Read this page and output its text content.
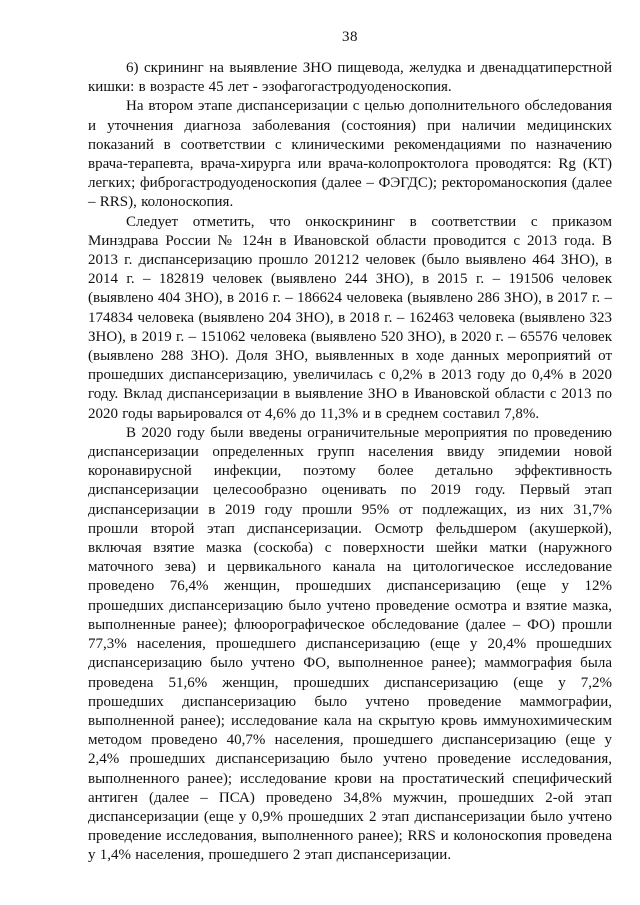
38

6) скрининг на выявление ЗНО пищевода, желудка и двенадцатиперстной кишки: в возрасте 45 лет - эзофагогастродуоденоскопия.

На втором этапе диспансеризации с целью дополнительного обследования и уточнения диагноза заболевания (состояния) при наличии медицинских показаний в соответствии с клиническими рекомендациями по назначению врача-терапевта, врача-хирурга или врача-колопроктолога проводятся: Rg (КТ) легких; фиброгастродуоденоскопия (далее – ФЭГДС); ректороманоскопия (далее – RRS), колоноскопия.

Следует отметить, что онкоскрининг в соответствии с приказом Минздрава России № 124н в Ивановской области проводится с 2013 года. В 2013 г. диспансеризацию прошло 201212 человек (было выявлено 464 ЗНО), в 2014 г. – 182819 человек (выявлено 244 ЗНО), в 2015 г. – 191506 человек (выявлено 404 ЗНО), в 2016 г. – 186624 человека (выявлено 286 ЗНО), в 2017 г. – 174834 человека (выявлено 204 ЗНО), в 2018 г. – 162463 человека (выявлено 323 ЗНО), в 2019 г. – 151062 человека (выявлено 520 ЗНО), в 2020 г. – 65576 человек (выявлено 288 ЗНО). Доля ЗНО, выявленных в ходе данных мероприятий от прошедших диспансеризацию, увеличилась с 0,2% в 2013 году до 0,4% в 2020 году. Вклад диспансеризации в выявление ЗНО в Ивановской области с 2013 по 2020 годы варьировался от 4,6% до 11,3% и в среднем составил 7,8%.

В 2020 году были введены ограничительные мероприятия по проведению диспансеризации определенных групп населения ввиду эпидемии новой коронавирусной инфекции, поэтому более детально эффективность диспансеризации целесообразно оценивать по 2019 году. Первый этап диспансеризации в 2019 году прошли 95% от подлежащих, из них 31,7% прошли второй этап диспансеризации. Осмотр фельдшером (акушеркой), включая взятие мазка (соскоба) с поверхности шейки матки (наружного маточного зева) и цервикального канала на цитологическое исследование проведено 76,4% женщин, прошедших диспансеризацию (еще у 12% прошедших диспансеризацию было учтено проведение осмотра и взятие мазка, выполненные ранее); флюорографическое обследование (далее – ФО) прошли 77,3% населения, прошедшего диспансеризацию (еще у 20,4% прошедших диспансеризацию было учтено ФО, выполненное ранее); маммография была проведена 51,6% женщин, прошедших диспансеризацию (еще у 7,2% прошедших диспансеризацию было учтено проведение маммографии, выполненной ранее); исследование кала на скрытую кровь иммунохимическим методом проведено 40,7% населения, прошедшего диспансеризацию (еще у 2,4% прошедших диспансеризацию было учтено проведение исследования, выполненного ранее); исследование крови на простатический специфический антиген (далее – ПСА) проведено 34,8% мужчин, прошедших 2-ой этап диспансеризации (еще у 0,9% прошедших 2 этап диспансеризации было учтено проведение исследования, выполненного ранее); RRS и колоноскопия проведена у 1,4% населения, прошедшего 2 этап диспансеризации.
